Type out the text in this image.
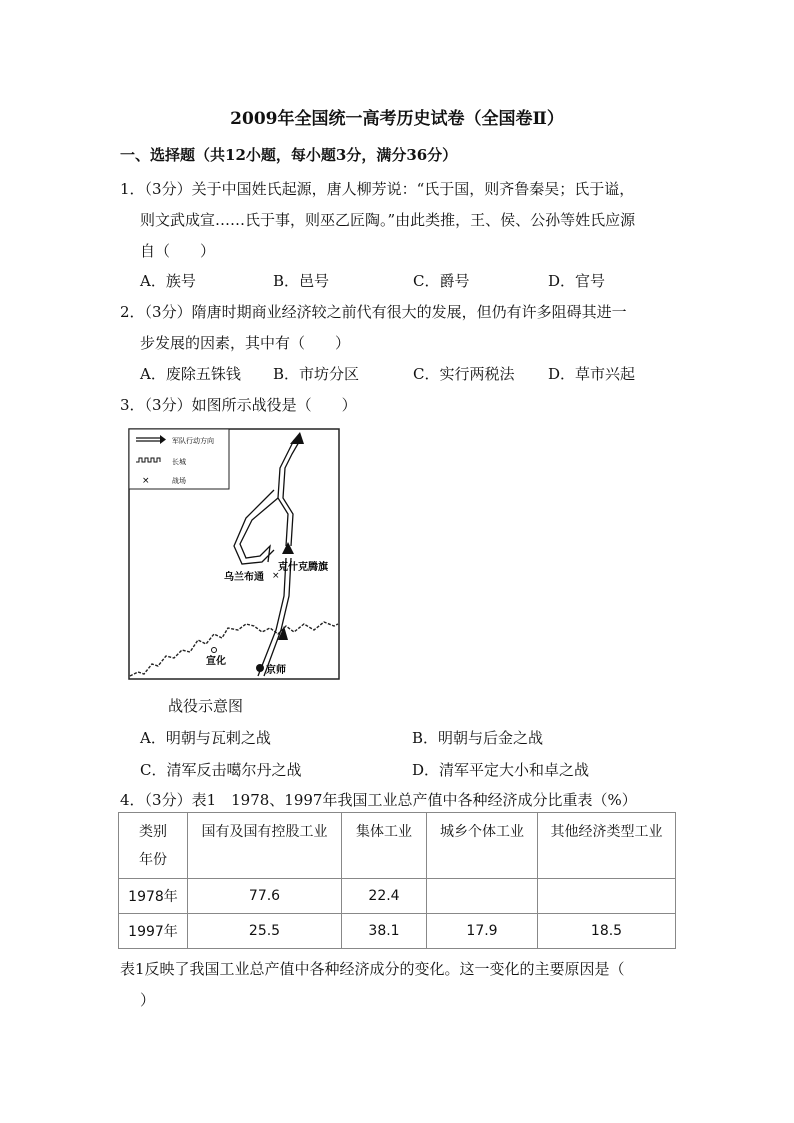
2009年全国统一高考历史试卷（全国卷Ⅱ）
一、选择题（共12小题，每小题3分，满分36分）
1．（3分）关于中国姓氏起源，唐人柳芳说：“氏于国，则齐鲁秦吴；氏于谥，
则文武成宣……氏于事，则巫乙匠陶。”由此类推，王、侯、公孙等姓氏应源
自（　　）
A．族号	B．邑号	C．爵号	D．官号
2．（3分）隋唐时期商业经济较之前代有很大的发展，但仍有许多阻碍其进一
步发展的因素，其中有（　　）
A．废除五铢钱 B．市坊分区	C．实行两税法 D．草市兴起
3．（3分）如图所示战役是（　　）
军队行动方向
长城
×	战场
×
乌兰布通
克什克腾旗
宣化
京师
战役示意图
A．明朝与瓦剌之战	B．明朝与后金之战
C．清军反击噶尔丹之战	D．清军平定大小和卓之战
4．（3分）表1　1978、1997年我国工业总产值中各种经济成分比重表（%）
类别
年份	国有及国有控股工业	集体工业	城乡个体工业	其他经济类型工业
1978年	77.6	22.4		
1997年	25.5	38.1	17.9	18.5
表1反映了我国工业总产值中各种经济成分的变化。这一变化的主要原因是（
）
